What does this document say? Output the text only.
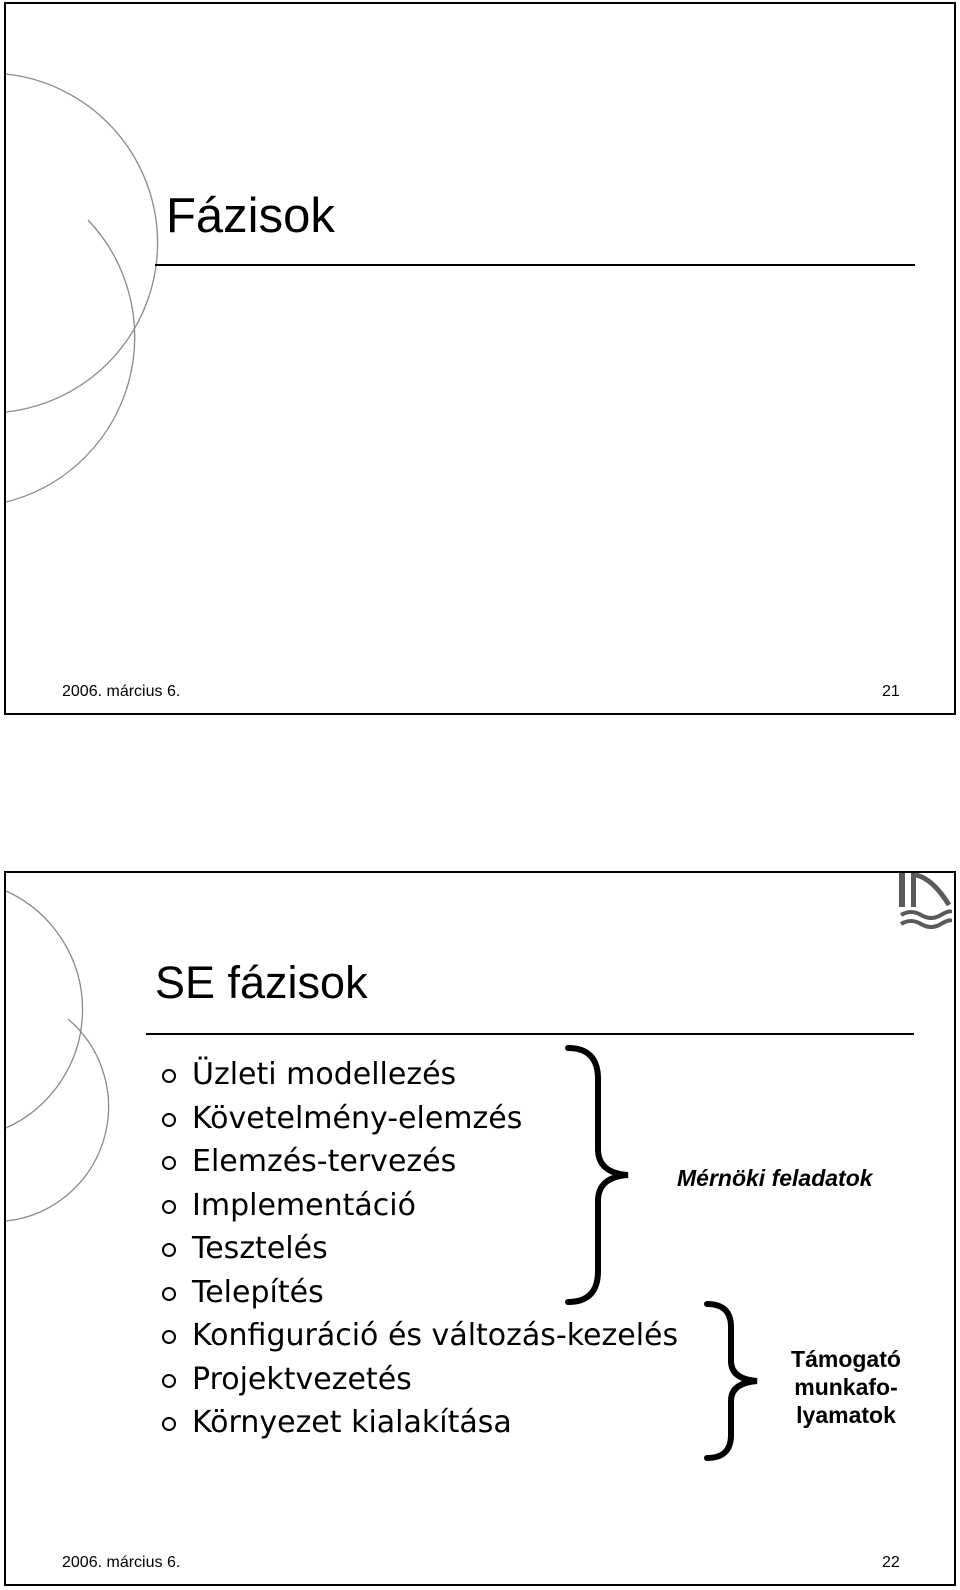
Fázisok
2006. március 6.	21
SE fázisok
Üzleti modellezés
Követelmény-elemzés
Elemzés-tervezés
Implementáció
Tesztelés
Telepítés
Konfiguráció és változás-kezelés
Projektvezetés
Környezet kialakítása
Mérnöki feladatok
Támogató
munkafo-
lyamatok
2006. március 6.	22
